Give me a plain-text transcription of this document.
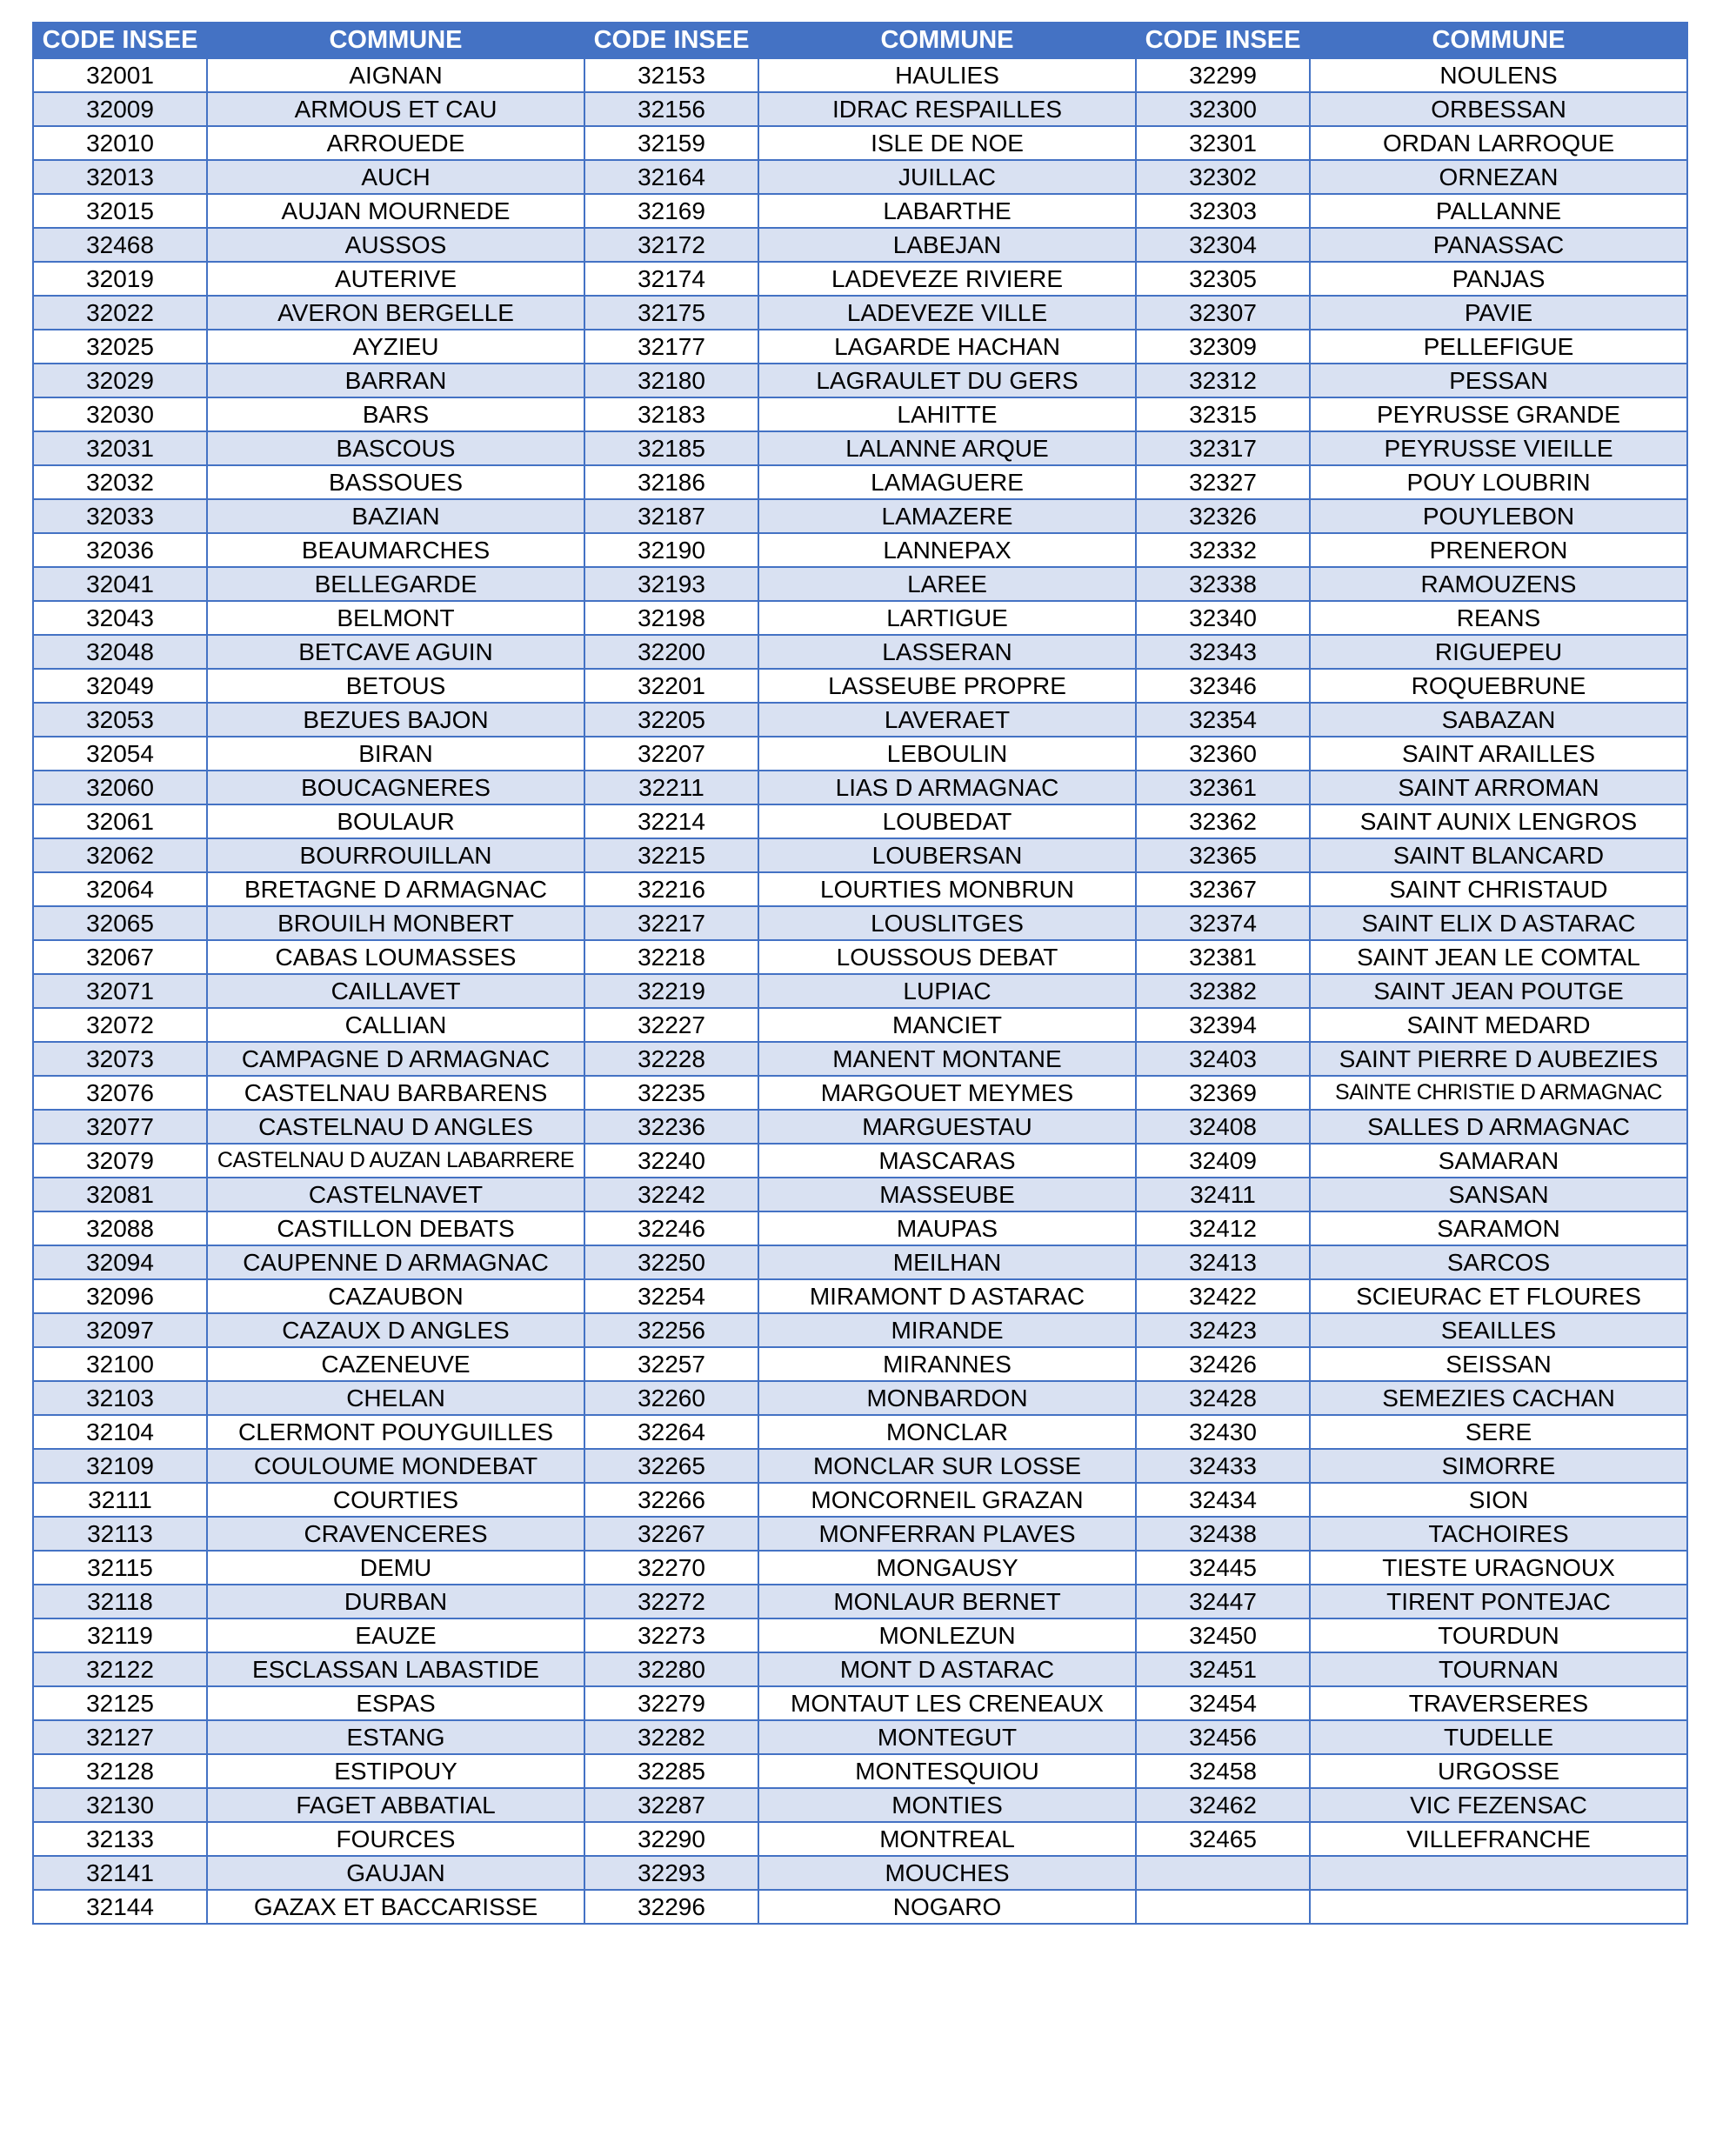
CODE INSEE	COMMUNE	CODE INSEE	COMMUNE	CODE INSEE	COMMUNE
32001	AIGNAN	32153	HAULIES	32299	NOULENS
32009	ARMOUS ET CAU	32156	IDRAC RESPAILLES	32300	ORBESSAN
32010	ARROUEDE	32159	ISLE DE NOE	32301	ORDAN LARROQUE
32013	AUCH	32164	JUILLAC	32302	ORNEZAN
32015	AUJAN MOURNEDE	32169	LABARTHE	32303	PALLANNE
32468	AUSSOS	32172	LABEJAN	32304	PANASSAC
32019	AUTERIVE	32174	LADEVEZE RIVIERE	32305	PANJAS
32022	AVERON BERGELLE	32175	LADEVEZE VILLE	32307	PAVIE
32025	AYZIEU	32177	LAGARDE HACHAN	32309	PELLEFIGUE
32029	BARRAN	32180	LAGRAULET DU GERS	32312	PESSAN
32030	BARS	32183	LAHITTE	32315	PEYRUSSE GRANDE
32031	BASCOUS	32185	LALANNE ARQUE	32317	PEYRUSSE VIEILLE
32032	BASSOUES	32186	LAMAGUERE	32327	POUY LOUBRIN
32033	BAZIAN	32187	LAMAZERE	32326	POUYLEBON
32036	BEAUMARCHES	32190	LANNEPAX	32332	PRENERON
32041	BELLEGARDE	32193	LAREE	32338	RAMOUZENS
32043	BELMONT	32198	LARTIGUE	32340	REANS
32048	BETCAVE AGUIN	32200	LASSERAN	32343	RIGUEPEU
32049	BETOUS	32201	LASSEUBE PROPRE	32346	ROQUEBRUNE
32053	BEZUES BAJON	32205	LAVERAET	32354	SABAZAN
32054	BIRAN	32207	LEBOULIN	32360	SAINT ARAILLES
32060	BOUCAGNERES	32211	LIAS D ARMAGNAC	32361	SAINT ARROMAN
32061	BOULAUR	32214	LOUBEDAT	32362	SAINT AUNIX LENGROS
32062	BOURROUILLAN	32215	LOUBERSAN	32365	SAINT BLANCARD
32064	BRETAGNE D ARMAGNAC	32216	LOURTIES MONBRUN	32367	SAINT CHRISTAUD
32065	BROUILH MONBERT	32217	LOUSLITGES	32374	SAINT ELIX D ASTARAC
32067	CABAS LOUMASSES	32218	LOUSSOUS DEBAT	32381	SAINT JEAN LE COMTAL
32071	CAILLAVET	32219	LUPIAC	32382	SAINT JEAN POUTGE
32072	CALLIAN	32227	MANCIET	32394	SAINT MEDARD
32073	CAMPAGNE D ARMAGNAC	32228	MANENT MONTANE	32403	SAINT PIERRE D AUBEZIES
32076	CASTELNAU BARBARENS	32235	MARGOUET MEYMES	32369	SAINTE CHRISTIE D ARMAGNAC
32077	CASTELNAU D ANGLES	32236	MARGUESTAU	32408	SALLES D ARMAGNAC
32079	CASTELNAU D AUZAN LABARRERE	32240	MASCARAS	32409	SAMARAN
32081	CASTELNAVET	32242	MASSEUBE	32411	SANSAN
32088	CASTILLON DEBATS	32246	MAUPAS	32412	SARAMON
32094	CAUPENNE D ARMAGNAC	32250	MEILHAN	32413	SARCOS
32096	CAZAUBON	32254	MIRAMONT D ASTARAC	32422	SCIEURAC ET FLOURES
32097	CAZAUX D ANGLES	32256	MIRANDE	32423	SEAILLES
32100	CAZENEUVE	32257	MIRANNES	32426	SEISSAN
32103	CHELAN	32260	MONBARDON	32428	SEMEZIES CACHAN
32104	CLERMONT POUYGUILLES	32264	MONCLAR	32430	SERE
32109	COULOUME MONDEBAT	32265	MONCLAR SUR LOSSE	32433	SIMORRE
32111	COURTIES	32266	MONCORNEIL GRAZAN	32434	SION
32113	CRAVENCERES	32267	MONFERRAN PLAVES	32438	TACHOIRES
32115	DEMU	32270	MONGAUSY	32445	TIESTE URAGNOUX
32118	DURBAN	32272	MONLAUR BERNET	32447	TIRENT PONTEJAC
32119	EAUZE	32273	MONLEZUN	32450	TOURDUN
32122	ESCLASSAN LABASTIDE	32280	MONT D ASTARAC	32451	TOURNAN
32125	ESPAS	32279	MONTAUT LES CRENEAUX	32454	TRAVERSERES
32127	ESTANG	32282	MONTEGUT	32456	TUDELLE
32128	ESTIPOUY	32285	MONTESQUIOU	32458	URGOSSE
32130	FAGET ABBATIAL	32287	MONTIES	32462	VIC FEZENSAC
32133	FOURCES	32290	MONTREAL	32465	VILLEFRANCHE
32141	GAUJAN	32293	MOUCHES		
32144	GAZAX ET BACCARISSE	32296	NOGARO		
